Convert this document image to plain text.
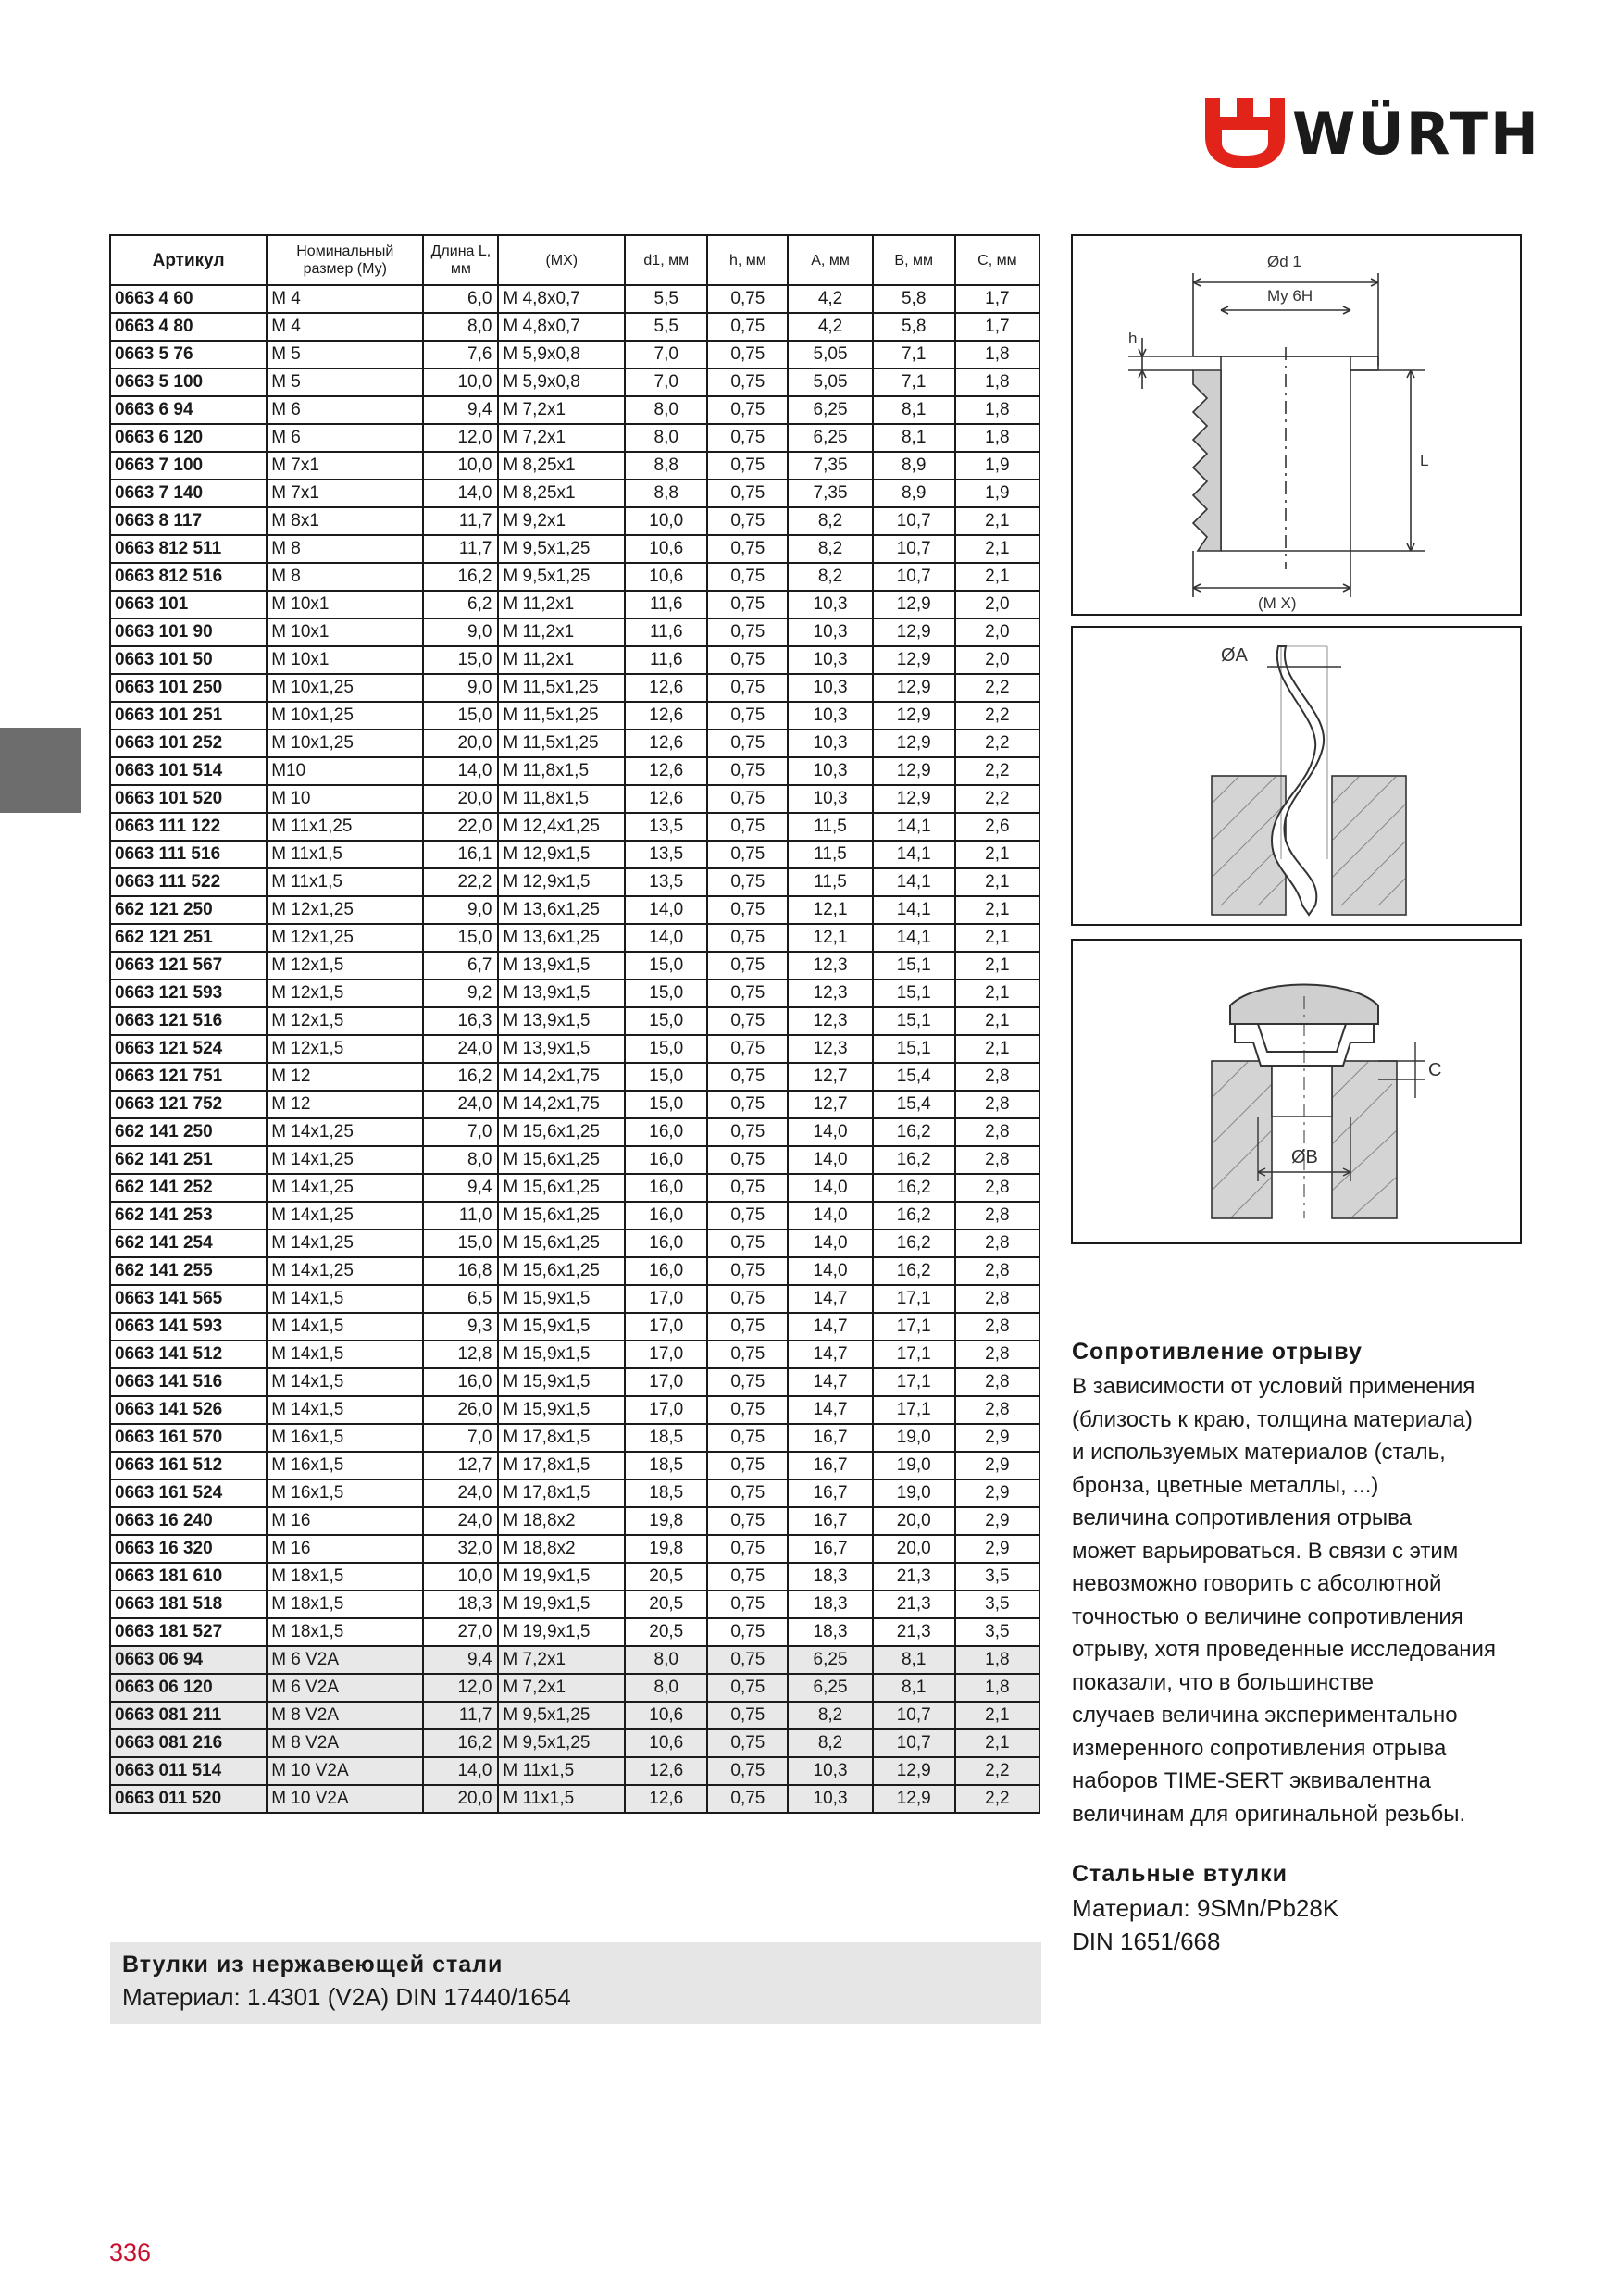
WÜRTH
Артикул	Номинальный размер (Му)	Длина L, мм	(МХ)	d1, мм	h, мм	A, мм	B, мм	C, мм
0663 4 60	М 4	6,0	М 4,8x0,7	5,5	0,75	4,2	5,8	1,7
0663 4 80	М 4	8,0	М 4,8x0,7	5,5	0,75	4,2	5,8	1,7
0663 5 76	М 5	7,6	М 5,9x0,8	7,0	0,75	5,05	7,1	1,8
0663 5 100	М 5	10,0	М 5,9x0,8	7,0	0,75	5,05	7,1	1,8
0663 6 94	М 6	9,4	М 7,2x1	8,0	0,75	6,25	8,1	1,8
0663 6 120	М 6	12,0	М 7,2x1	8,0	0,75	6,25	8,1	1,8
0663 7 100	М 7x1	10,0	М 8,25x1	8,8	0,75	7,35	8,9	1,9
0663 7 140	М 7x1	14,0	М 8,25x1	8,8	0,75	7,35	8,9	1,9
0663 8 117	М 8x1	11,7	М 9,2x1	10,0	0,75	8,2	10,7	2,1
0663 812 511	М 8	11,7	М 9,5x1,25	10,6	0,75	8,2	10,7	2,1
0663 812 516	М 8	16,2	М 9,5x1,25	10,6	0,75	8,2	10,7	2,1
0663 101	М 10x1	6,2	М 11,2x1	11,6	0,75	10,3	12,9	2,0
0663 101 90	М 10x1	9,0	М 11,2x1	11,6	0,75	10,3	12,9	2,0
0663 101 50	М 10x1	15,0	М 11,2x1	11,6	0,75	10,3	12,9	2,0
0663 101 250	М 10x1,25	9,0	М 11,5x1,25	12,6	0,75	10,3	12,9	2,2
0663 101 251	М 10x1,25	15,0	М 11,5x1,25	12,6	0,75	10,3	12,9	2,2
0663 101 252	М 10x1,25	20,0	М 11,5x1,25	12,6	0,75	10,3	12,9	2,2
0663 101 514	М10	14,0	М 11,8x1,5	12,6	0,75	10,3	12,9	2,2
0663 101 520	М 10	20,0	М 11,8x1,5	12,6	0,75	10,3	12,9	2,2
0663 111 122	М 11x1,25	22,0	М 12,4x1,25	13,5	0,75	11,5	14,1	2,6
0663 111 516	М 11x1,5	16,1	М 12,9x1,5	13,5	0,75	11,5	14,1	2,1
0663 111 522	М 11x1,5	22,2	М 12,9x1,5	13,5	0,75	11,5	14,1	2,1
662 121 250	М 12x1,25	9,0	М 13,6x1,25	14,0	0,75	12,1	14,1	2,1
662 121 251	М 12x1,25	15,0	М 13,6x1,25	14,0	0,75	12,1	14,1	2,1
0663 121 567	М 12x1,5	6,7	М 13,9x1,5	15,0	0,75	12,3	15,1	2,1
0663 121 593	М 12x1,5	9,2	М 13,9x1,5	15,0	0,75	12,3	15,1	2,1
0663 121 516	М 12x1,5	16,3	М 13,9x1,5	15,0	0,75	12,3	15,1	2,1
0663 121 524	М 12x1,5	24,0	М 13,9x1,5	15,0	0,75	12,3	15,1	2,1
0663 121 751	М 12	16,2	М 14,2x1,75	15,0	0,75	12,7	15,4	2,8
0663 121 752	М 12	24,0	М 14,2x1,75	15,0	0,75	12,7	15,4	2,8
662 141 250	М 14x1,25	7,0	М 15,6x1,25	16,0	0,75	14,0	16,2	2,8
662 141 251	М 14x1,25	8,0	М 15,6x1,25	16,0	0,75	14,0	16,2	2,8
662 141 252	М 14x1,25	9,4	М 15,6x1,25	16,0	0,75	14,0	16,2	2,8
662 141 253	М 14x1,25	11,0	М 15,6x1,25	16,0	0,75	14,0	16,2	2,8
662 141 254	М 14x1,25	15,0	М 15,6x1,25	16,0	0,75	14,0	16,2	2,8
662 141 255	М 14x1,25	16,8	М 15,6x1,25	16,0	0,75	14,0	16,2	2,8
0663 141 565	М 14x1,5	6,5	М 15,9x1,5	17,0	0,75	14,7	17,1	2,8
0663 141 593	М 14x1,5	9,3	М 15,9x1,5	17,0	0,75	14,7	17,1	2,8
0663 141 512	М 14x1,5	12,8	М 15,9x1,5	17,0	0,75	14,7	17,1	2,8
0663 141 516	М 14x1,5	16,0	М 15,9x1,5	17,0	0,75	14,7	17,1	2,8
0663 141 526	М 14x1,5	26,0	М 15,9x1,5	17,0	0,75	14,7	17,1	2,8
0663 161 570	М 16x1,5	7,0	М 17,8x1,5	18,5	0,75	16,7	19,0	2,9
0663 161 512	М 16x1,5	12,7	М 17,8x1,5	18,5	0,75	16,7	19,0	2,9
0663 161 524	М 16x1,5	24,0	М 17,8x1,5	18,5	0,75	16,7	19,0	2,9
0663 16 240	М 16	24,0	М 18,8x2	19,8	0,75	16,7	20,0	2,9
0663 16 320	М 16	32,0	М 18,8x2	19,8	0,75	16,7	20,0	2,9
0663 181 610	М 18x1,5	10,0	М 19,9x1,5	20,5	0,75	18,3	21,3	3,5
0663 181 518	М 18x1,5	18,3	М 19,9x1,5	20,5	0,75	18,3	21,3	3,5
0663 181 527	М 18x1,5	27,0	М 19,9x1,5	20,5	0,75	18,3	21,3	3,5
0663 06 94	М 6 V2A	9,4	М 7,2x1	8,0	0,75	6,25	8,1	1,8
0663 06 120	М 6 V2A	12,0	М 7,2x1	8,0	0,75	6,25	8,1	1,8
0663 081 211	М 8 V2A	11,7	М 9,5x1,25	10,6	0,75	8,2	10,7	2,1
0663 081 216	М 8 V2A	16,2	М 9,5x1,25	10,6	0,75	8,2	10,7	2,1
0663 011 514	М 10 V2A	14,0	М 11x1,5	12,6	0,75	10,3	12,9	2,2
0663 011 520	М 10 V2A	20,0	М 11x1,5	12,6	0,75	10,3	12,9	2,2
Втулки из нержавеющей стали
Материал: 1.4301 (V2A) DIN 17440/1654
Ød 1
My 6H
h
L
(M X)
ØA
C
ØB
Сопротивление отрыву
В зависимости от условий применения
(близость к краю, толщина материала)
и используемых материалов (сталь,
бронза, цветные металлы, ...)
величина сопротивления отрыва
может варьироваться. В связи с этим
невозможно говорить с абсолютной
точностью о величине сопротивления
отрыву, хотя проведенные исследования
показали, что в большинстве
случаев величина экспериментально
измеренного сопротивления отрыва
наборов TIME-SERT эквивалентна
величинам для оригинальной резьбы.
Стальные втулки
Материал: 9SMn/Pb28K
DIN 1651/668
336
